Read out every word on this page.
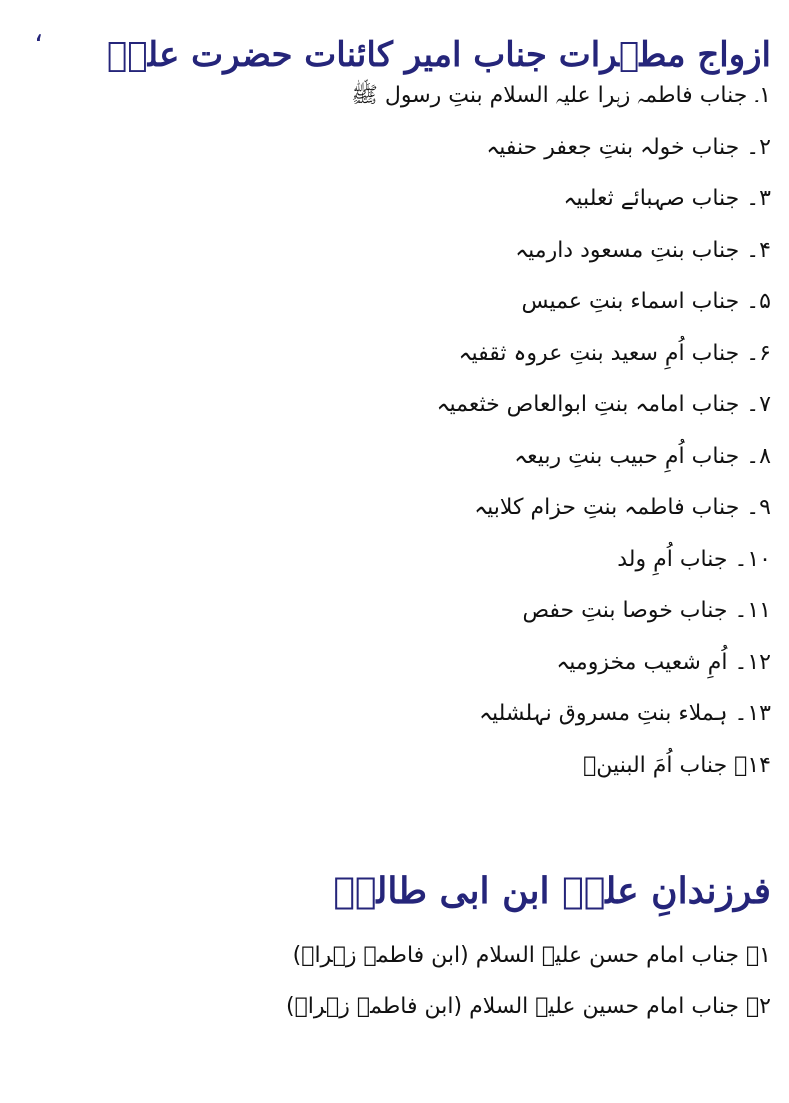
،
ازواج مطہرات جناب امیر کائنات حضرت علیؑ
۱۔ جناب فاطمہ زہرا علیہ السلام بنتِ رسول ﷺ
۲۔ جناب خولہ بنتِ جعفر حنفیہ
۳۔ جناب صہبائے ثعلبیہ
۴۔ جناب بنتِ مسعود دارمیہ
۵۔ جناب اسماء بنتِ عمیس
۶۔ جناب اُمِ سعید بنتِ عروہ ثقفیہ
۷۔ جناب امامہ بنتِ ابوالعاص خثعمیہ
۸۔ جناب اُمِ حبیب بنتِ ربیعہ
۹۔ جناب فاطمہ بنتِ حزام کلابیہ
۱۰۔ جناب اُمِ ولد
۱۱۔ جناب خوصا بنتِ حفص
۱۲۔ اُمِ شعیب مخزومیہ
۱۳۔ ہملاء بنتِ مسروق نہلشلیہ
۱۴۔ جناب اُمَ البنینؑ
فرزندانِ علیؑ ابن ابی طالبؑ
۱۔ جناب امام حسن علیہ السلام (ابن فاطمہ زہراؑ)
۲۔ جناب امام حسین علیہ السلام (ابن فاطمہ زہراؑ)
